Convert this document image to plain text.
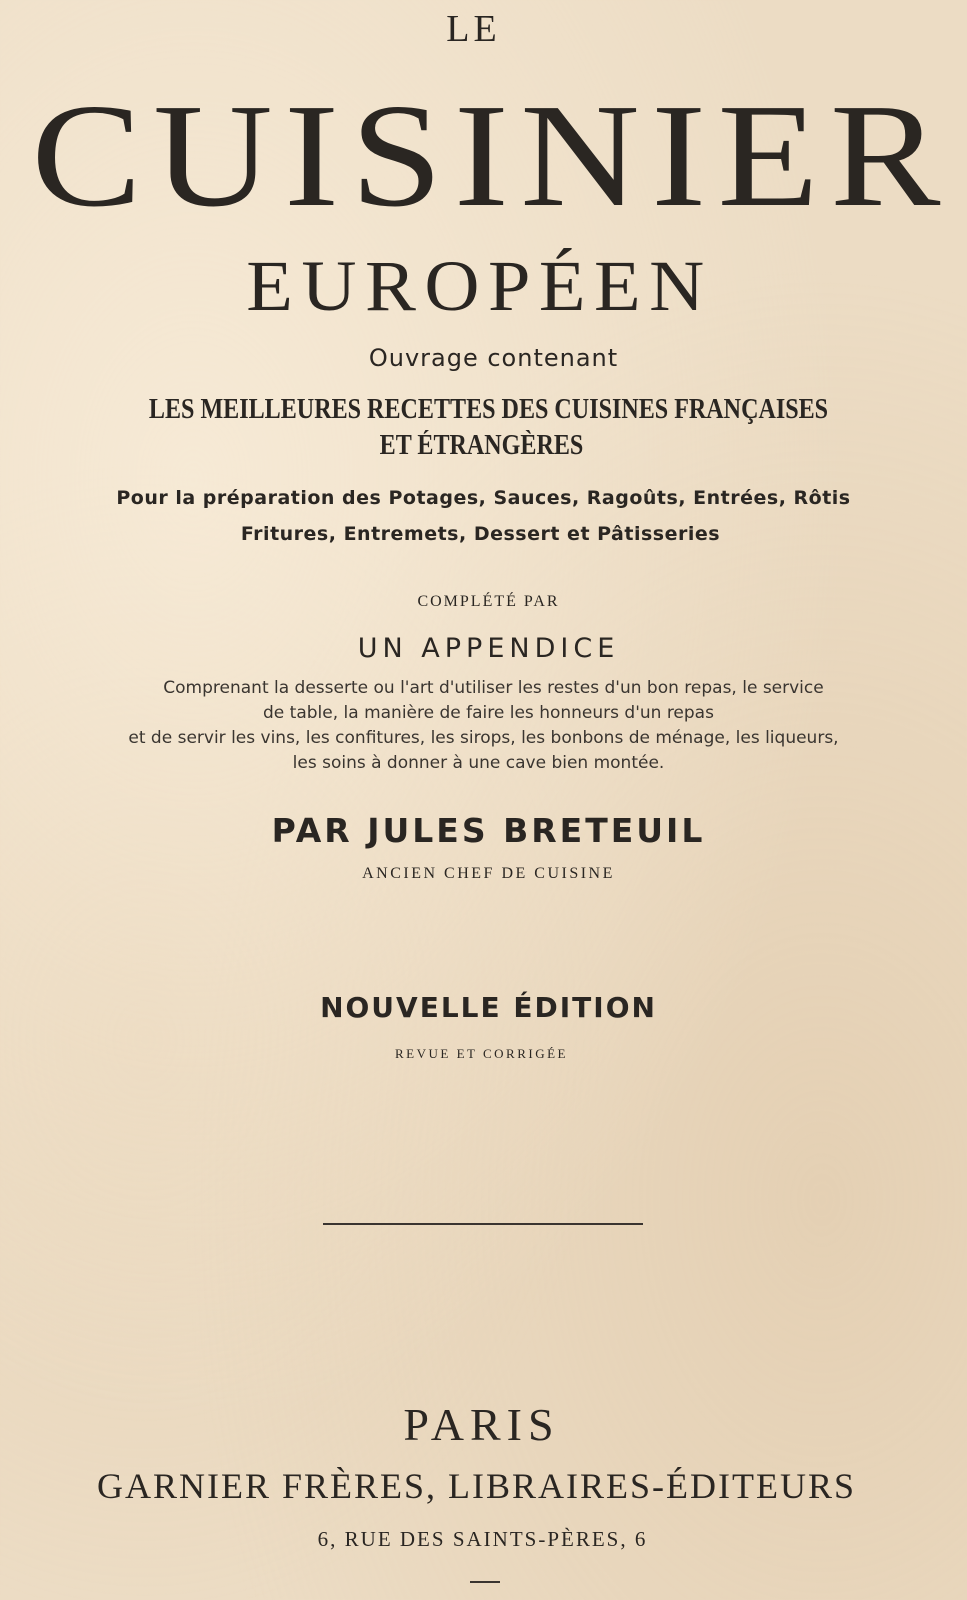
LE
CUISINIER
EUROPÉEN
Ouvrage contenant
LES MEILLEURES RECETTES DES CUISINES FRANÇAISES
ET ÉTRANGÈRES
Pour la préparation des Potages, Sauces, Ragoûts, Entrées, Rôtis
Fritures, Entremets, Dessert et Pâtisseries
COMPLÉTÉ PAR
UN APPENDICE
Comprenant la desserte ou l'art d'utiliser les restes d'un bon repas, le service
de table, la manière de faire les honneurs d'un repas
et de servir les vins, les confitures, les sirops, les bonbons de ménage, les liqueurs,
les soins à donner à une cave bien montée.
PAR JULES BRETEUIL
ANCIEN CHEF DE CUISINE
NOUVELLE ÉDITION
REVUE ET CORRIGÉE
PARIS
GARNIER FRÈRES, LIBRAIRES-ÉDITEURS
6, RUE DES SAINTS-PÈRES, 6
